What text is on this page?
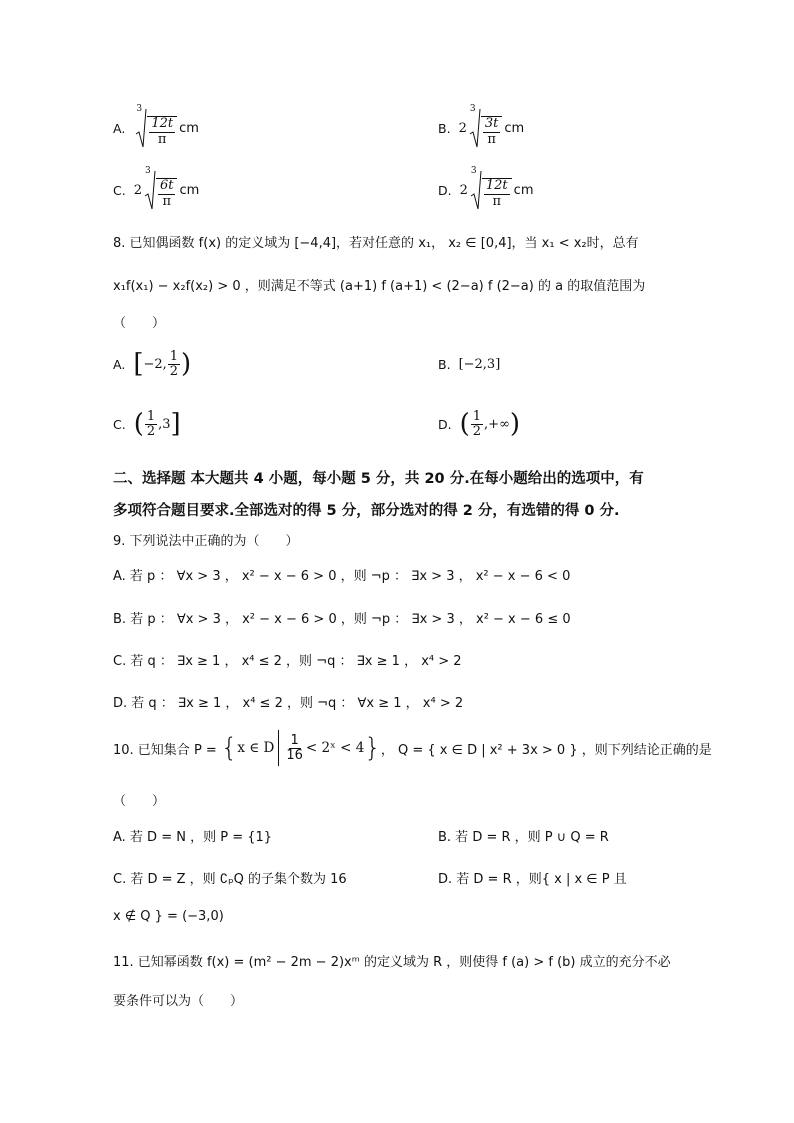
A.
3
12t
π
cm	B. 2
3
3t
π
cm
C. 2
3
6t
π
cm	D. 2
3
12t
π
cm
8. 已知偶函数 f(x) 的定义域为 [−4,4]，若对任意的 x₁， x₂ ∈ [0,4]，当 x₁ < x₂时，总有
x₁f(x₁) − x₂f(x₂) > 0 ，则满足不等式 (a+1) f (a+1) < (2−a) f (2−a) 的 a 的取值范围为
（　　）
A. [ −2, $\frac{1}{2}$ )	B. [−2,3]
C. ( $\frac{1}{2} ,3$ ]	D. ( $\frac{1}{2}$ ,+∞ )
二、选择题 本大题共 4 小题，每小题 5 分，共 20 分.在每小题给出的选项中，有
多项符合题目要求.全部选对的得 5 分，部分选对的得 2 分，有选错的得 0 分.
9. 下列说法中正确的为（　　）
A. 若 p ： ∀x > 3 ， x² − x − 6 > 0 ，则 ¬p ： ∃x > 3 ， x² − x − 6 < 0
B. 若 p ： ∀x > 3 ， x² − x − 6 > 0 ，则 ¬p ： ∃x > 3 ， x² − x − 6 ≤ 0
C. 若 q ： ∃x ≥ 1 ， x⁴ ≤ 2 ，则 ¬q ： ∃x ≥ 1 ， x⁴ > 2
D. 若 q ： ∃x ≥ 1 ， x⁴ ≤ 2 ，则 ¬q ： ∀x ≥ 1 ， x⁴ > 2
10. 已知集合 P = { x ∈ D $\frac{1}{16}$ < 2ˣ < 4 } ， Q = { x ∈ D | x² + 3x > 0 } ，则下列结论正确的是
（　　）
A. 若 D = N ，则 P = {1}	B. 若 D = R ，则 P ∪ Q = R
C. 若 D = Z ，则 ∁ₚQ 的子集个数为 16	D. 若 D = R ，则{ x | x ∈ P 且
x ∉ Q } = (−3,0)
11. 已知幂函数 f(x) = (m² − 2m − 2)xᵐ 的定义域为 R ，则使得 f (a) > f (b) 成立的充分不必
要条件可以为（　　）
